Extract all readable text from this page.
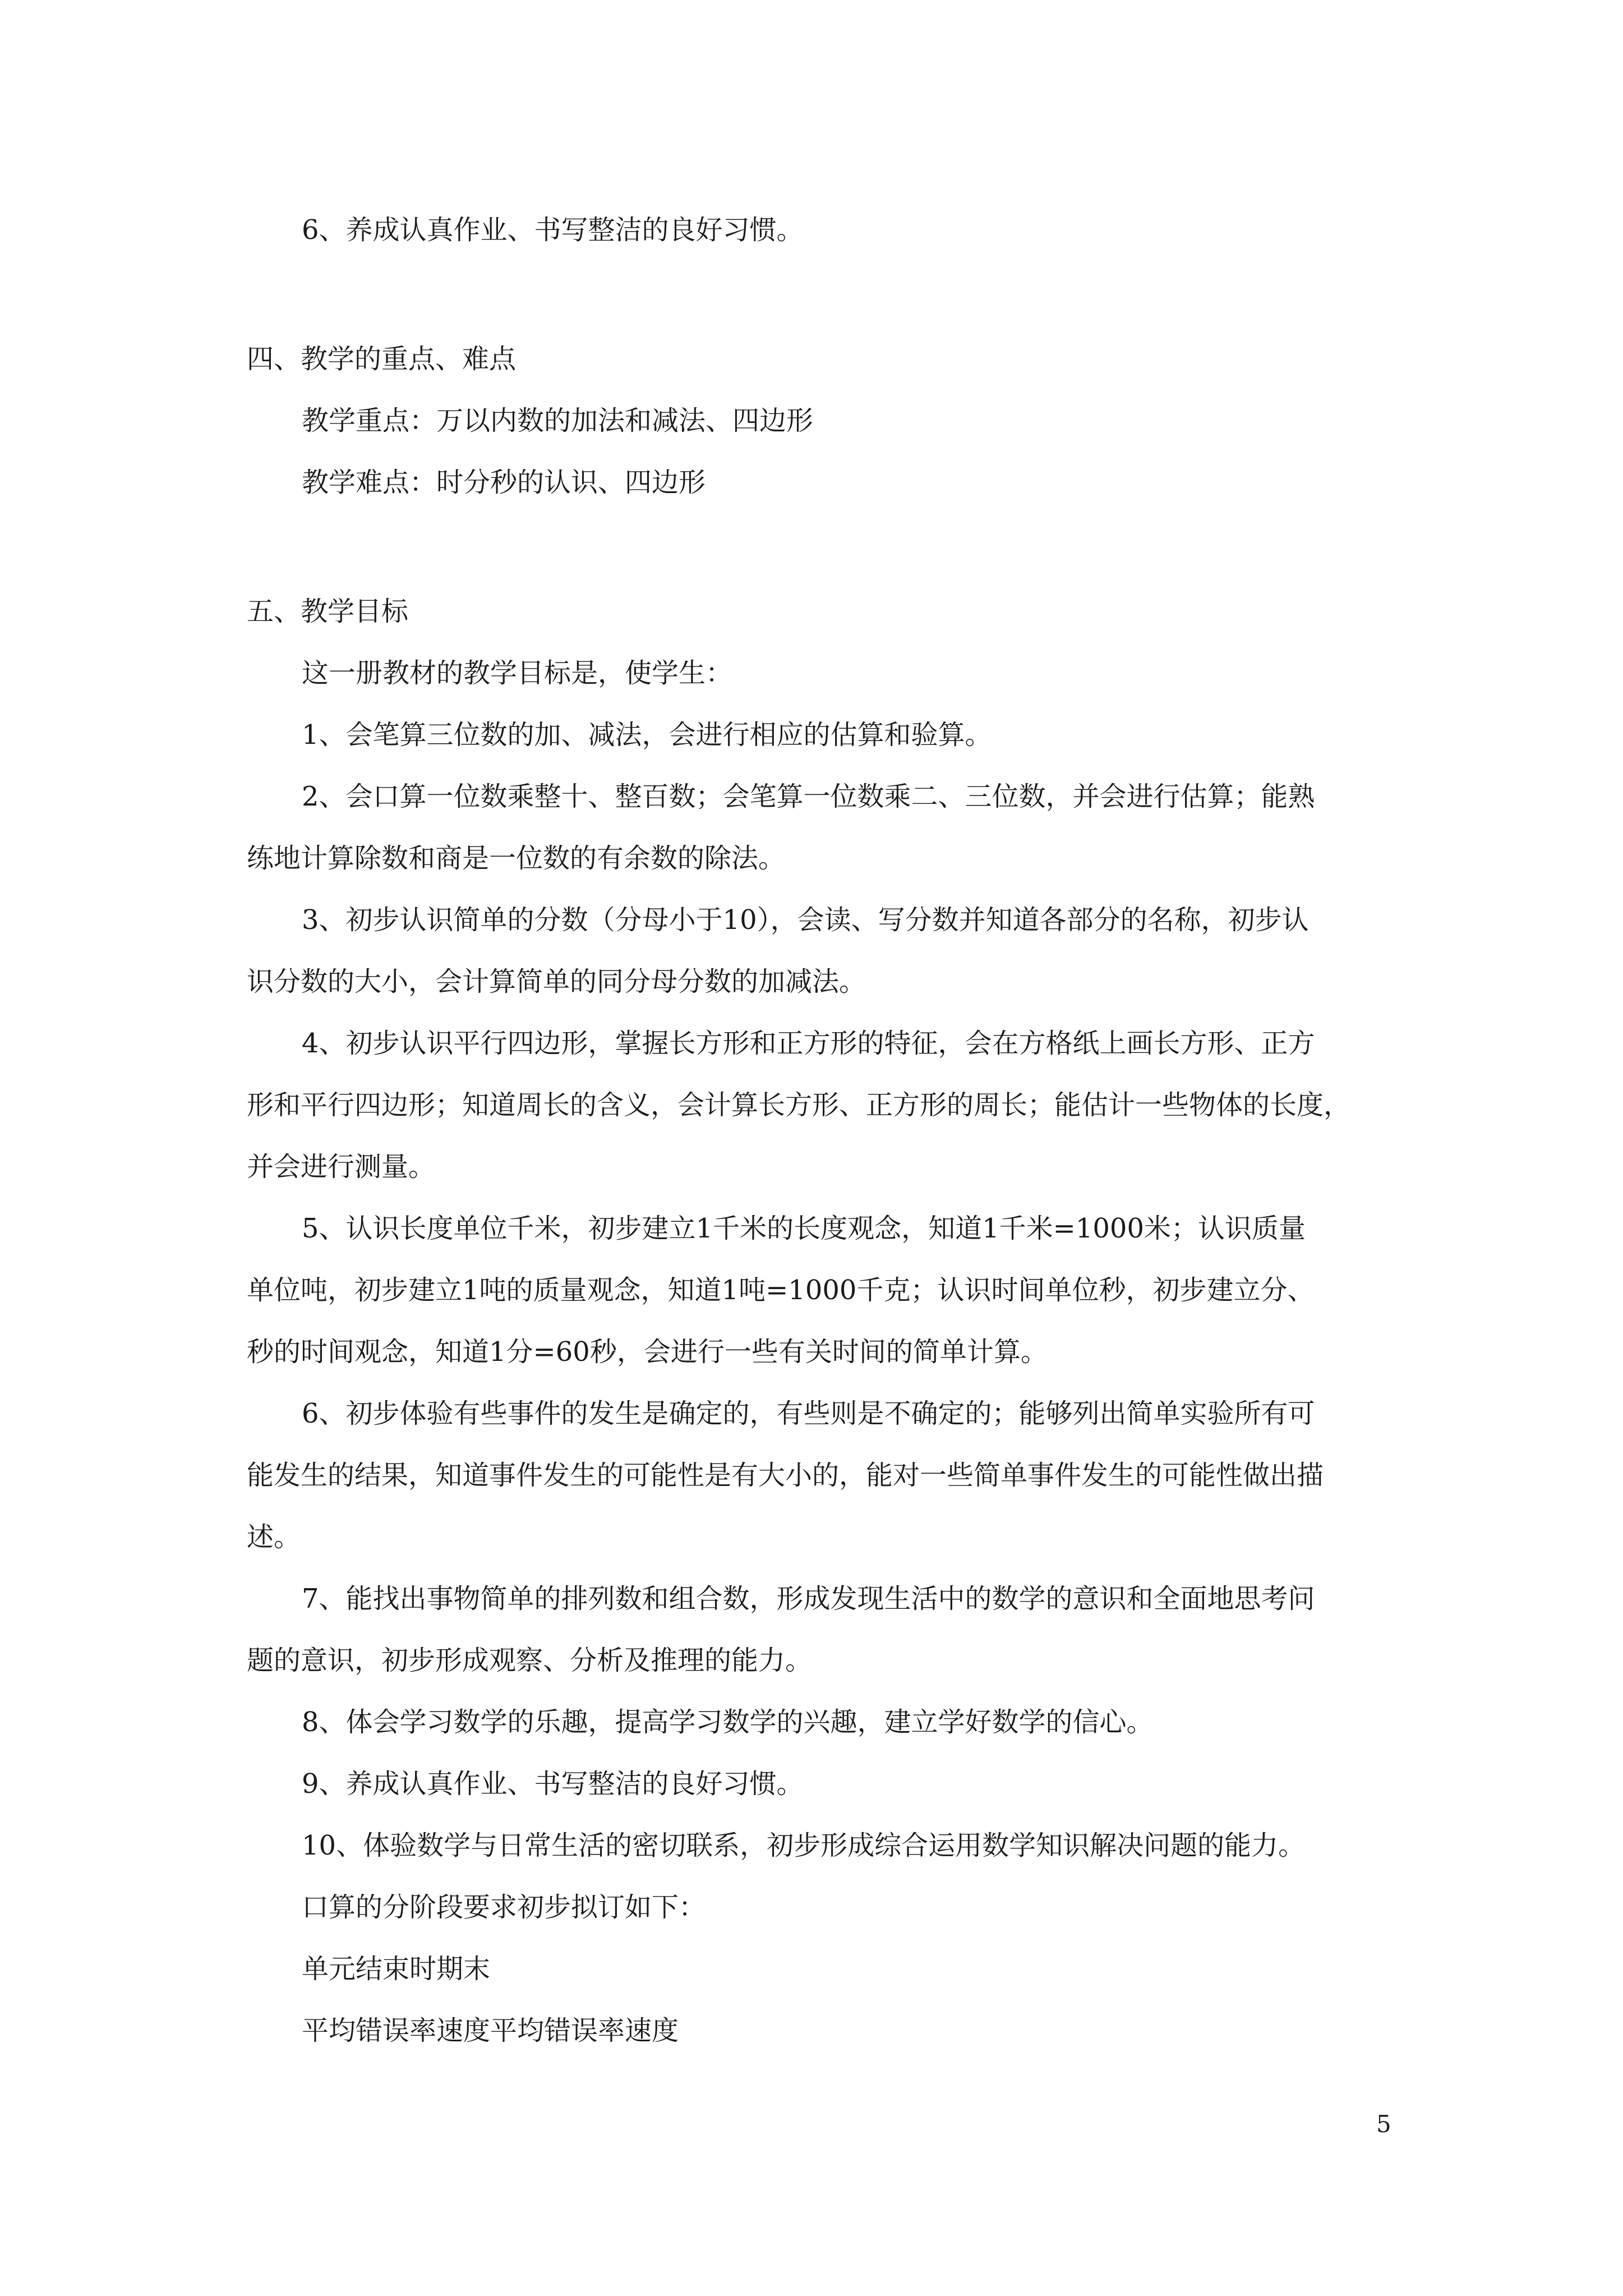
6、养成认真作业、书写整洁的良好习惯。
四、教学的重点、难点
教学重点：万以内数的加法和减法、四边形
教学难点：时分秒的认识、四边形
五、教学目标
这一册教材的教学目标是，使学生：
1、会笔算三位数的加、减法，会进行相应的估算和验算。
2、会口算一位数乘整十、整百数；会笔算一位数乘二、三位数，并会进行估算；能熟
练地计算除数和商是一位数的有余数的除法。
3、初步认识简单的分数（分母小于10），会读、写分数并知道各部分的名称，初步认
识分数的大小，会计算简单的同分母分数的加减法。
4、初步认识平行四边形，掌握长方形和正方形的特征，会在方格纸上画长方形、正方
形和平行四边形；知道周长的含义，会计算长方形、正方形的周长；能估计一些物体的长度，
并会进行测量。
5、认识长度单位千米，初步建立1千米的长度观念，知道1千米=1000米；认识质量
单位吨，初步建立1吨的质量观念，知道1吨=1000千克；认识时间单位秒，初步建立分、
秒的时间观念，知道1分=60秒，会进行一些有关时间的简单计算。
6、初步体验有些事件的发生是确定的，有些则是不确定的；能够列出简单实验所有可
能发生的结果，知道事件发生的可能性是有大小的，能对一些简单事件发生的可能性做出描
述。
7、能找出事物简单的排列数和组合数，形成发现生活中的数学的意识和全面地思考问
题的意识，初步形成观察、分析及推理的能力。
8、体会学习数学的乐趣，提高学习数学的兴趣，建立学好数学的信心。
9、养成认真作业、书写整洁的良好习惯。
10、体验数学与日常生活的密切联系，初步形成综合运用数学知识解决问题的能力。
口算的分阶段要求初步拟订如下：
单元结束时期末
平均错误率速度平均错误率速度
5
